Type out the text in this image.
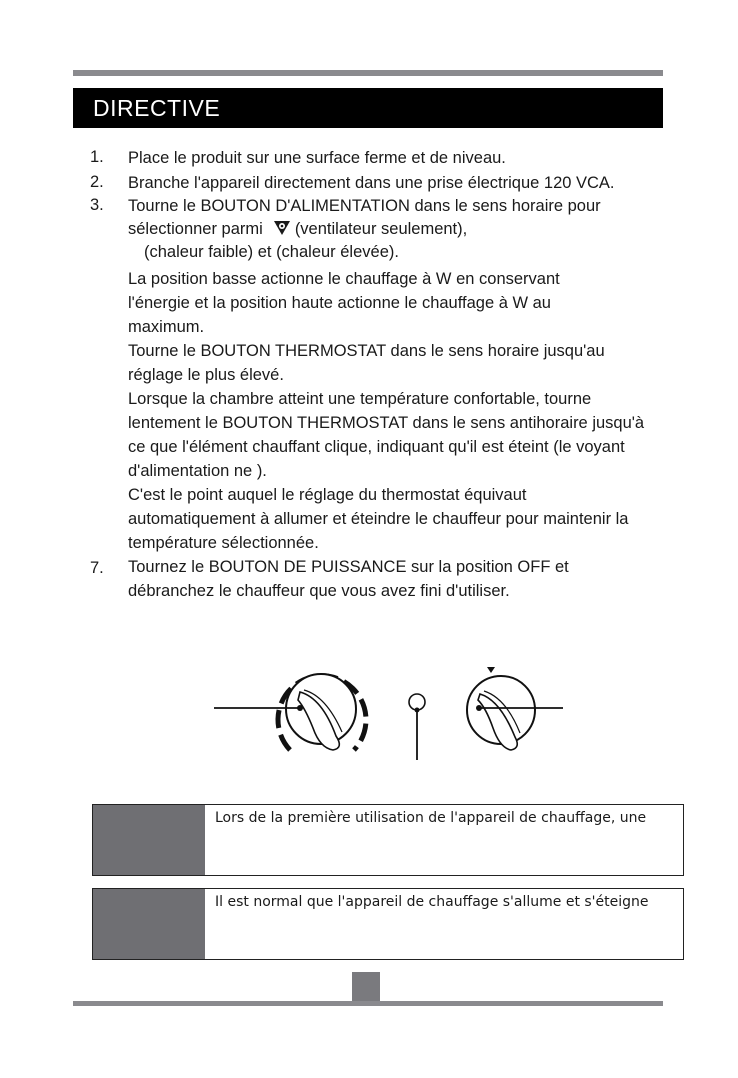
DIRECTIVE
1. Place le produit sur une surface ferme et de niveau.
2. Branche l'appareil directement dans une prise électrique 120 VCA.
3. Tourne le BOUTON D'ALIMENTATION dans le sens horaire pour
sélectionner parmi (ventilateur seulement),
(chaleur faible) et (chaleur élevée).
La position basse actionne le chauffage à W en conservant
l'énergie et la position haute actionne le chauffage à W au
maximum.
Tourne le BOUTON THERMOSTAT dans le sens horaire jusqu'au
réglage le plus élevé.
Lorsque la chambre atteint une température confortable, tourne
lentement le BOUTON THERMOSTAT dans le sens antihoraire jusqu'à
ce que l'élément chauffant clique, indiquant qu'il est éteint (le voyant
d'alimentation ne ).
C'est le point auquel le réglage du thermostat équivaut
automatiquement à allumer et éteindre le chauffeur pour maintenir la
température sélectionnée.
7. Tournez le BOUTON DE PUISSANCE sur la position OFF et
débranchez le chauffeur que vous avez fini d'utiliser.
Lors de la première utilisation de l'appareil de chauffage, une
Il est normal que l'appareil de chauffage s'allume et s'éteigne
